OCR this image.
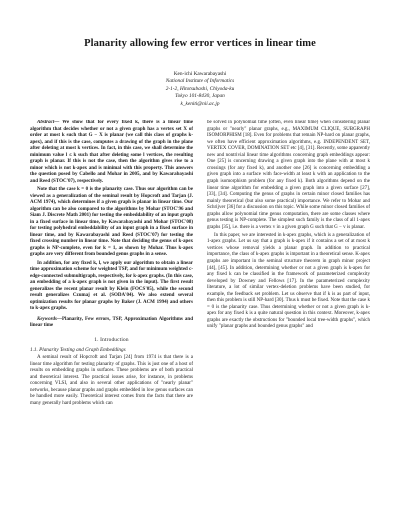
Planarity allowing few error vertices in linear time
Ken-ichi Kawarabayashi
National Institute of Informatics
2-1-2, Hitotsubashi, Chiyoda-ku
Tokyo 101-8430, Japan
k_keniti@nii.ac.jp

Abstract— We show that for every fixed k, there is a linear time algorithm that decides whether or not a given graph has a vertex set X of order at most k such that G − X is planar (we call this class of graphs k-apex), and if this is the case, computes a drawing of the graph in the plane after deleting at most k vertices. In fact, in this case, we shall determine the minimum value l ≤ k such that after deleting some l vertices, the resulting graph is planar. If this is not the case, then the algorithm gives rise to a minor which is not k-apex and is minimal with this property. This answers the question posed by Cabello and Mohar in 2005, and by Kawarabayashi and Reed (STOC'07), respectively.

Note that the case k = 0 is the planarity case. Thus our algorithm can be viewed as a generalization of the seminal result by Hopcroft and Tarjan (J. ACM 1974), which determines if a given graph is planar in linear time. Our algorithm can be also compared to the algorithms by Mohar (STOC'96 and Siam J. Discrete Math 2001) for testing the embeddability of an input graph in a fixed surface in linear time, by Kawarabayashi and Mohar (STOC'08) for testing polyhedral embeddability of an input graph in a fixed surface in linear time, and by Kawarabayashi and Reed (STOC'07) for testing the fixed crossing number in linear time. Note that deciding the genus of k-apex graphs is NP-complete, even for k = 1, as shown by Mohar. Thus k-apex graphs are very different from bounded genus graphs in a sense.

In addition, for any fixed k, l, we apply our algorithm to obtain a linear time approximation scheme for weighted TSP, and for minimum weighted c-edge-connected submultigraph, respectively, for k-apex graphs. (In this case, an embedding of a k-apex graph is not given in the input). The first result generalizes the recent planar result by Klein (FOCS'05), while the second result generalizes Czumaj et al. (SODA'04). We also extend several optimization results for planar graphs by Baker (J. ACM 1994) and others to k-apex graphs.

Keywords—Planarity, Few errors, TSP, Approximation Algorithms and linear time

1. Introduction
1.1. Planarity Testing and Graph Embeddings

A seminal result of Hopcroft and Tarjan [24] from 1974 is that there is a linear time algorithm for testing planarity of graphs. This is just one of a host of results on embedding graphs in surfaces. These problems are of both practical and theoretical interest. The practical issues arise, for instance, in problems concerning VLSI, and also in several other applications of "nearly planar" networks, because planar graphs and graphs embedded in low genus surfaces can be handled more easily. Theoretical interest comes from the facts that there are many generally hard problems which can

be solved in polynomial time (often, even linear time) when considering planar graphs or "nearly" planar graphs, e.g., MAXIMUM CLIQUE, SUBGRAPH ISOMORPHISM [18]. Even for problems that remain NP-hard on planar graphs, we often have efficient approximation algorithms, e.g. INDEPENDENT SET, VERTEX COVER, DOMINATION SET etc [4], [31]. Recently, some apparently new and nontrivial linear time algorithms concerning graph embeddings appear: One [25] is concerning drawing a given graph into the plane with at most k crossings (for any fixed k), and another one [26] is concerning embedding a given graph into a surface with face-width at least k with an application to the graph isomorphism problem (for any fixed k). Both algorithms depend on the linear time algorithm for embedding a given graph into a given surface [27], [33], [34]. Computing the genus of graphs in certain minor closed families has mainly theoretical (but also some practical) importance. We refer to Mohar and Schrijver [36] for a discussion on this topic. While some minor closed families of graphs allow polynomial time genus computation, there are some classes where genus testing is NP-complete. The simplest such family is the class of all 1-apex graphs [35], i.e. there is a vertex v in a given graph G such that G − v is planar.

In this paper, we are interested in k-apex graphs, which is a generalization of 1-apex graphs. Let us say that a graph is k-apex if it contains a set of at most k vertices whose removal yields a planar graph. In addition to practical importance, the class of k-apex graphs is important in a theoretical sense. K-apex graphs are important in the seminal structure theorem in graph minor project [44], [45]. In addition, determining whether or not a given graph is k-apex for any fixed k can be classified in the framework of parameterized complexity developed by Downey and Fellows [17]. In the parameterized complexity literature, a lot of similar vertex-deletion problems have been studied, for example, the feedback set problem. Let us observe that if k is as part of input, then this problem is still NP-hard [30]. Thus k must be fixed. Note that the case k = 0 is the planarity case. Thus determining whether or not a given graph is k-apex for any fixed k is a quite natural question in this context. Moreover, k-apex graphs are exactly the obstructions for "bounded local tree-width graphs", which unify "planar graphs and bounded genus graphs" and
